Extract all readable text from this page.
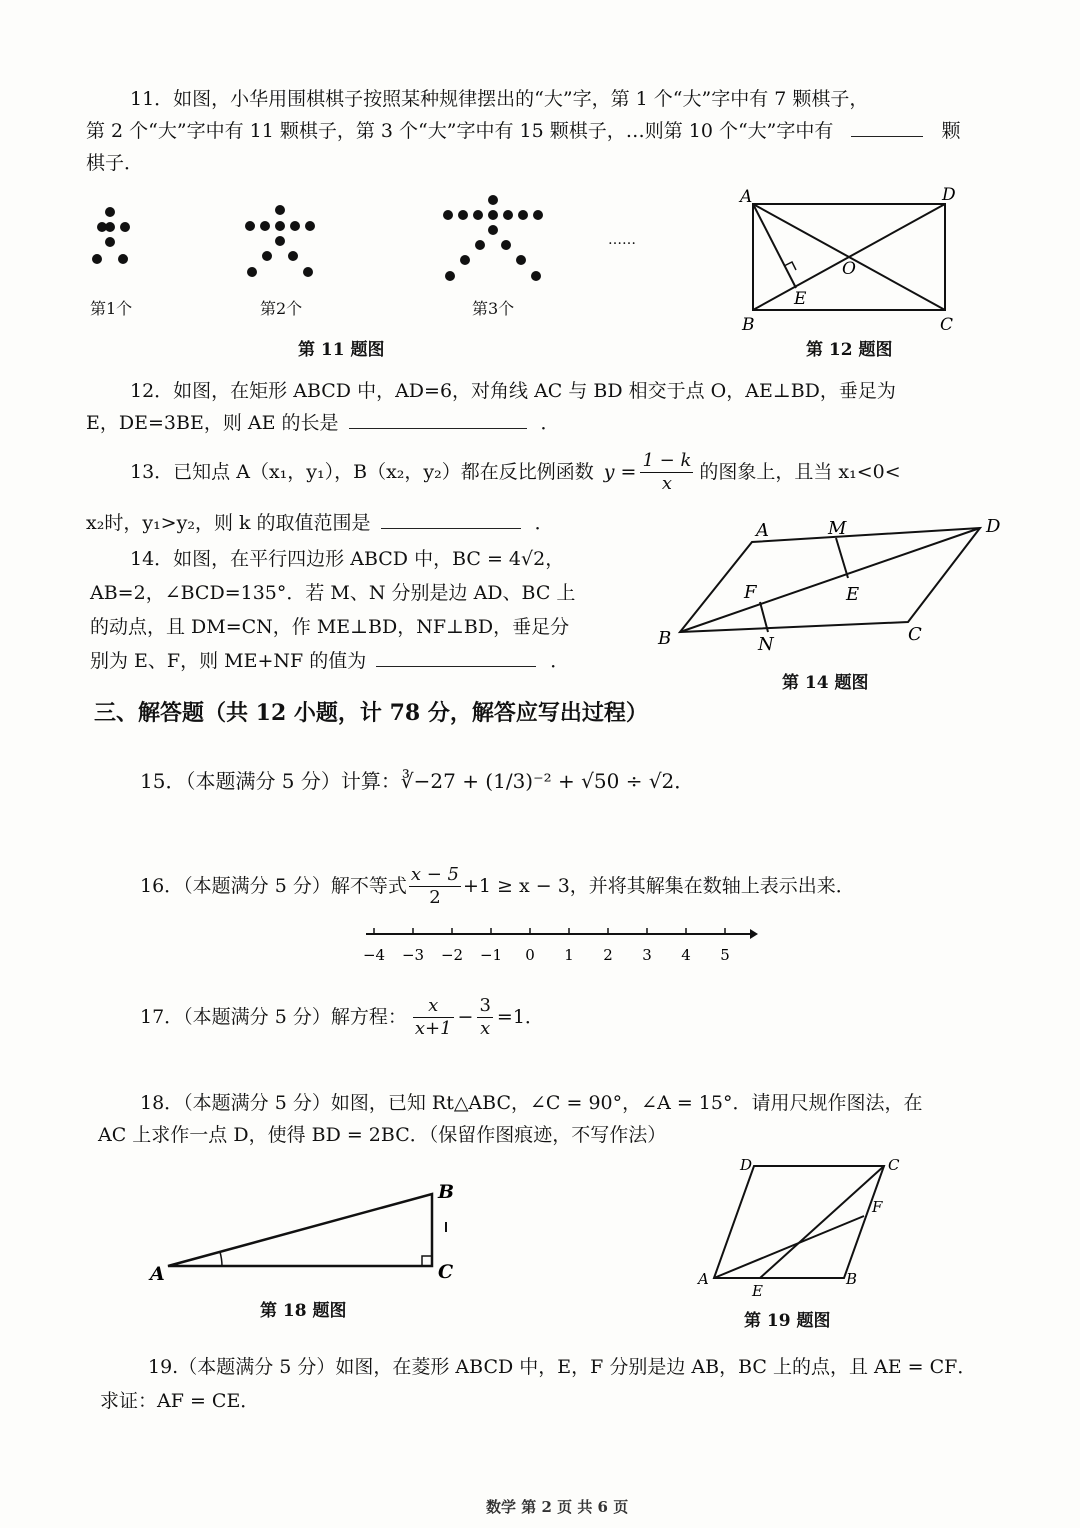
11．如图，小华用围棋棋子按照某种规律摆出的“大”字，第 1 个“大”字中有 7 颗棋子，
第 2 个“大”字中有 11 颗棋子，第 3 个“大”字中有 15 颗棋子，…则第 10 个“大”字中有	颗
棋子．
……
第1个	第2个	第3个
第 11 题图
A	D
B	C
O
E
第 12 题图
12．如图，在矩形 ABCD 中，AD=6，对角线 AC 与 BD 相交于点 O，AE⊥BD，垂足为
E，DE=3BE，则 AE 的长是	．
13．已知点 A（x₁，y₁），B（x₂，y₂）都在反比例函数 $y = \frac{1 - k}{x}$ 的图象上，且当 x₁<0<
x₂时，y₁>y₂，则 k 的取值范围是	．
14．如图，在平行四边形 ABCD 中，BC = 4√2，
AB=2，∠BCD=135°．若 M、N 分别是边 AD、BC 上
的动点，且 DM=CN，作 ME⊥BD，NF⊥BD，垂足分
别为 E、F，则 ME+NF 的值为	．
A	M	D
F	E
B	N	C
第 14 题图
三、解答题（共 12 小题，计 78 分，解答应写出过程）
15．（本题满分 5 分）计算：∛−27 + (1/3)⁻² + √50 ÷ √2．
16．（本题满分 5 分）解不等式 $\frac{x - 5}{2} +1 \ge x - 3$，并将其解集在数轴上表示出来．
−4 −3 −2 −1 0 1 2 3 4 5
17．（本题满分 5 分）解方程： $\frac{x}{x+1} - \frac{3}{x} =1$．
18．（本题满分 5 分）如图，已知 Rt△ABC，∠C = 90°，∠A = 15°．请用尺规作图法，在
AC 上求作一点 D，使得 BD = 2BC．（保留作图痕迹，不写作法）
A
B
C
第 18 题图
D	C
F
A
E
B
第 19 题图
19.（本题满分 5 分）如图，在菱形 ABCD 中，E，F 分别是边 AB，BC 上的点，且 AE = CF．
求证：AF = CE．
数学 第 2 页 共 6 页
